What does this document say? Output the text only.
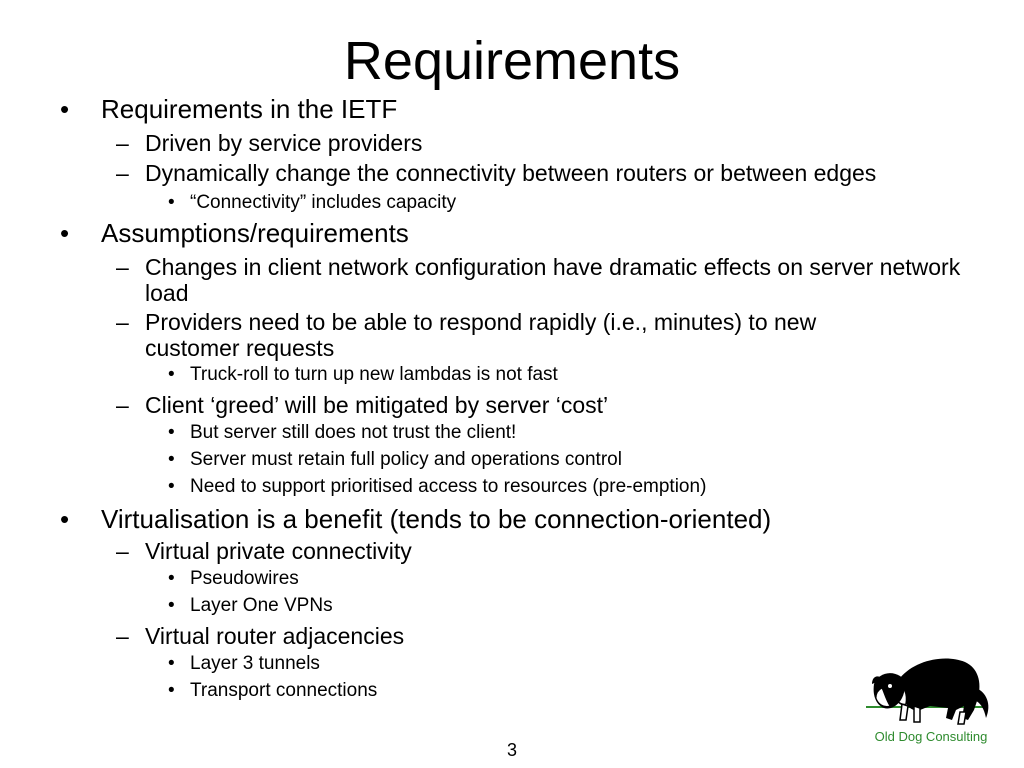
Requirements
• Requirements in the IETF
– Driven by service providers
– Dynamically change the connectivity between routers or between edges
• “Connectivity” includes capacity
• Assumptions/requirements
– Changes in client network configuration have dramatic effects on server network load
– Providers need to be able to respond rapidly (i.e., minutes) to new customer requests
• Truck-roll to turn up new lambdas is not fast
– Client ‘greed’ will be mitigated by server ‘cost’
• But server still does not trust the client!
• Server must retain full policy and operations control
• Need to support prioritised access to resources (pre-emption)
• Virtualisation is a benefit (tends to be connection-oriented)
– Virtual private connectivity
• Pseudowires
• Layer One VPNs
– Virtual router adjacencies
• Layer 3 tunnels
• Transport connections
Old Dog Consulting
3
